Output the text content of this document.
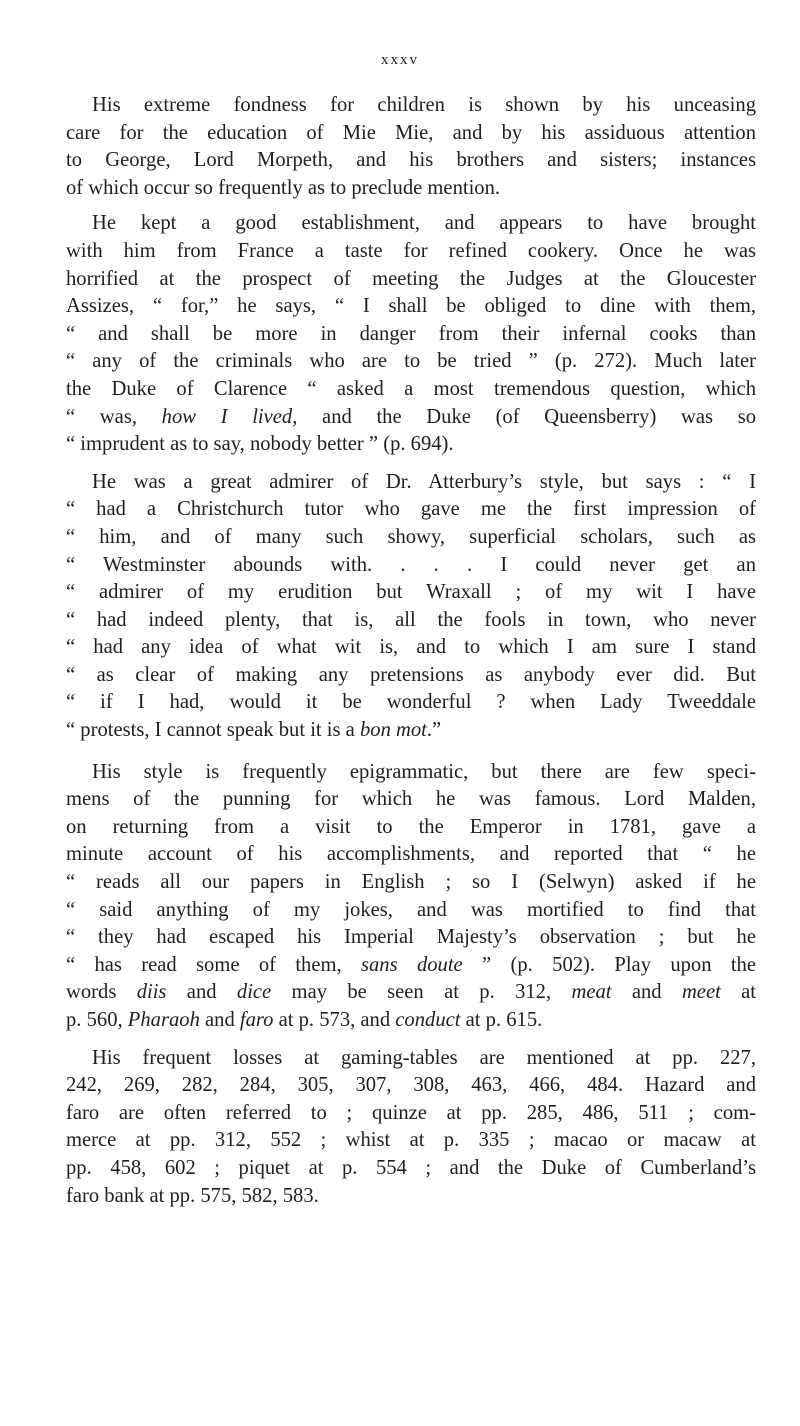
xxxv
His extreme fondness for children is shown by his unceasing
care for the education of Mie Mie, and by his assiduous attention
to George, Lord Morpeth, and his brothers and sisters; instances
of which occur so frequently as to preclude mention.
He kept a good establishment, and appears to have brought
with him from France a taste for refined cookery. Once he was
horrified at the prospect of meeting the Judges at the Gloucester
Assizes, “ for,” he says, “ I shall be obliged to dine with them,
“ and shall be more in danger from their infernal cooks than
“ any of the criminals who are to be tried ” (p. 272). Much later
the Duke of Clarence “ asked a most tremendous question, which
“ was, how I lived, and the Duke (of Queensberry) was so
“ imprudent as to say, nobody better ” (p. 694).
He was a great admirer of Dr. Atterbury’s style, but says : “ I
“ had a Christchurch tutor who gave me the first impression of
“ him, and of many such showy, superficial scholars, such as
“ Westminster abounds with. . . . I could never get an
“ admirer of my erudition but Wraxall ; of my wit I have
“ had indeed plenty, that is, all the fools in town, who never
“ had any idea of what wit is, and to which I am sure I stand
“ as clear of making any pretensions as anybody ever did. But
“ if I had, would it be wonderful ? when Lady Tweeddale
“ protests, I cannot speak but it is a bon mot.”
His style is frequently epigrammatic, but there are few speci-
mens of the punning for which he was famous. Lord Malden,
on returning from a visit to the Emperor in 1781, gave a
minute account of his accomplishments, and reported that “ he
“ reads all our papers in English ; so I (Selwyn) asked if he
“ said anything of my jokes, and was mortified to find that
“ they had escaped his Imperial Majesty’s observation ; but he
“ has read some of them, sans doute ” (p. 502). Play upon the
words diis and dice may be seen at p. 312, meat and meet at
p. 560, Pharaoh and faro at p. 573, and conduct at p. 615.
His frequent losses at gaming-tables are mentioned at pp. 227,
242, 269, 282, 284, 305, 307, 308, 463, 466, 484. Hazard and
faro are often referred to ; quinze at pp. 285, 486, 511 ; com-
merce at pp. 312, 552 ; whist at p. 335 ; macao or macaw at
pp. 458, 602 ; piquet at p. 554 ; and the Duke of Cumberland’s
faro bank at pp. 575, 582, 583.
